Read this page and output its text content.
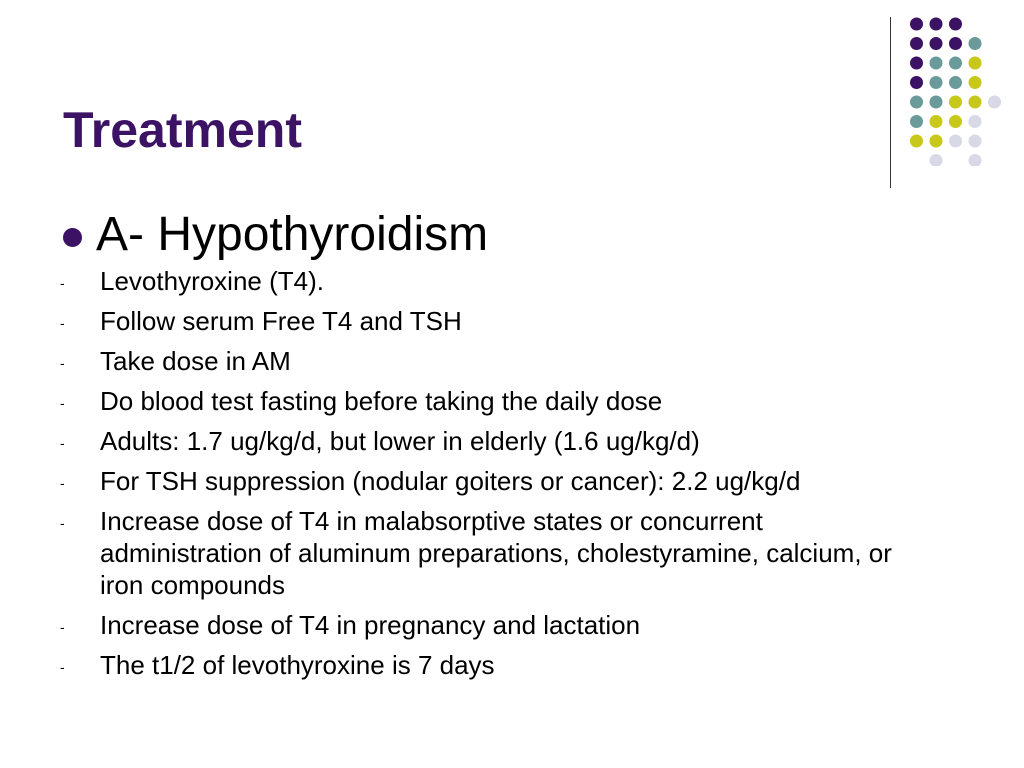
Treatment
A- Hypothyroidism
- Levothyroxine (T4).
- Follow serum Free T4 and TSH
- Take dose in AM
- Do blood test fasting before taking the daily dose
- Adults: 1.7 ug/kg/d, but lower in elderly (1.6 ug/kg/d)
- For TSH suppression (nodular goiters or cancer): 2.2 ug/kg/d
- Increase dose of T4 in malabsorptive states or concurrent administration of aluminum preparations, cholestyramine, calcium, or iron compounds
- Increase dose of T4 in pregnancy and lactation
- The t1/2 of levothyroxine is 7 days
